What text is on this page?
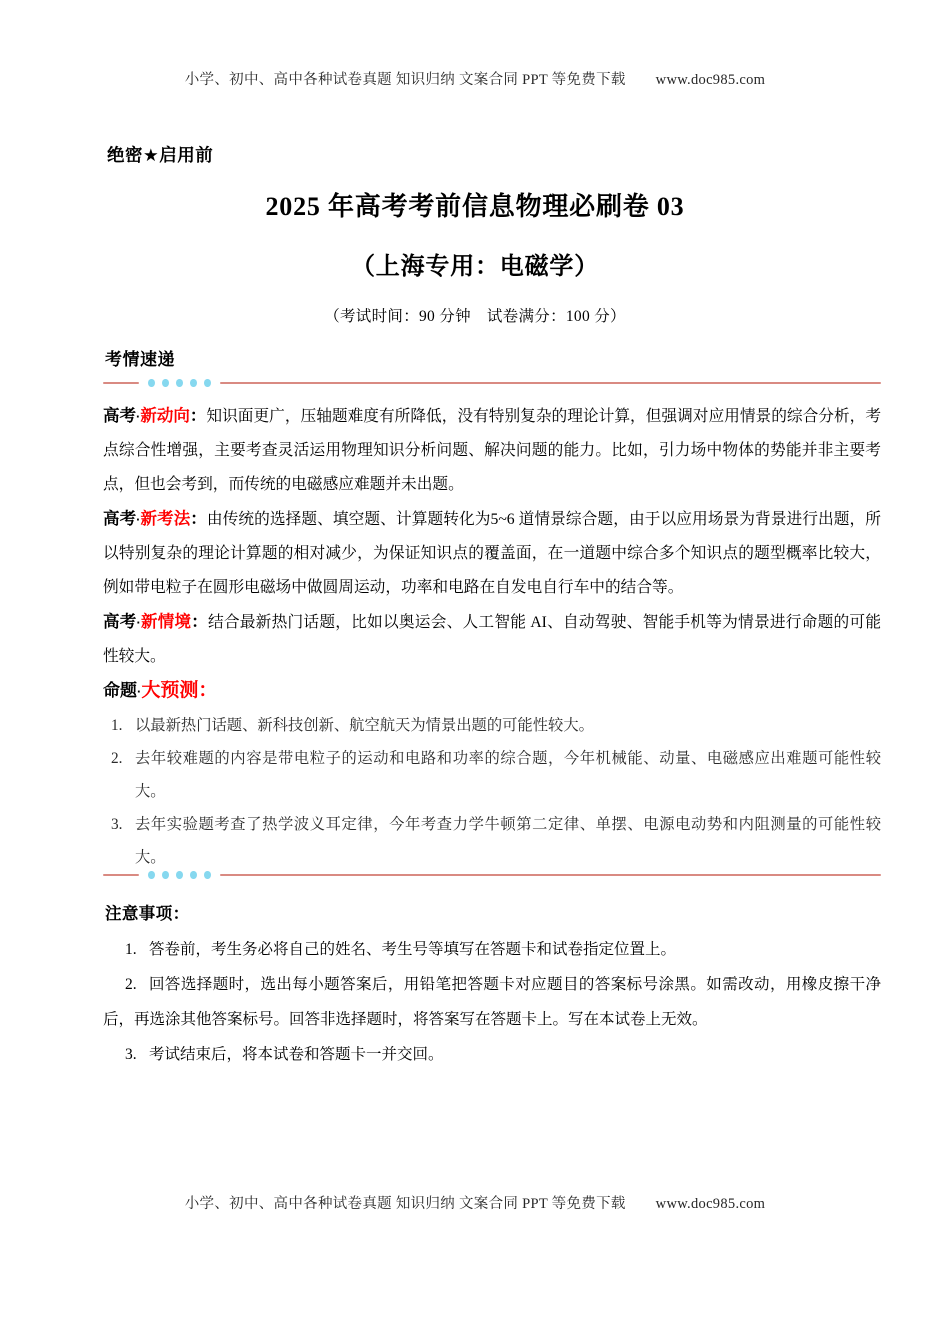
小学、初中、高中各种试卷真题 知识归纳 文案合同 PPT 等免费下载 www.doc985.com
绝密★启用前
2025 年高考考前信息物理必刷卷 03
（上海专用：电磁学）
（考试时间：90 分钟 试卷满分：100 分）
考情速递

高考·新动向：知识面更广，压轴题难度有所降低，没有特别复杂的理论计算，但强调对应用情景的综合分析，考点综合性增强，主要考查灵活运用物理知识分析问题、解决问题的能力。比如，引力场中物体的势能并非主要考点，但也会考到，而传统的电磁感应难题并未出题。

高考·新考法：由传统的选择题、填空题、计算题转化为5~6 道情景综合题，由于以应用场景为背景进行出题，所以特别复杂的理论计算题的相对减少，为保证知识点的覆盖面，在一道题中综合多个知识点的题型概率比较大，例如带电粒子在圆形电磁场中做圆周运动，功率和电路在自发电自行车中的结合等。

高考·新情境：结合最新热门话题，比如以奥运会、人工智能 AI、自动驾驶、智能手机等为情景进行命题的可能性较大。

命题·大预测：

1. 以最新热门话题、新科技创新、航空航天为情景出题的可能性较大。
2. 去年较难题的内容是带电粒子的运动和电路和功率的综合题，今年机械能、动量、电磁感应出难题可能性较大。
3. 去年实验题考查了热学波义耳定律，今年考查力学牛顿第二定律、单摆、电源电动势和内阻测量的可能性较大。

注意事项：

1. 答卷前，考生务必将自己的姓名、考生号等填写在答题卡和试卷指定位置上。
2. 回答选择题时，选出每小题答案后，用铅笔把答题卡对应题目的答案标号涂黑。如需改动，用橡皮擦干净后，再选涂其他答案标号。回答非选择题时，将答案写在答题卡上。写在本试卷上无效。
3. 考试结束后，将本试卷和答题卡一并交回。
小学、初中、高中各种试卷真题 知识归纳 文案合同 PPT 等免费下载 www.doc985.com
